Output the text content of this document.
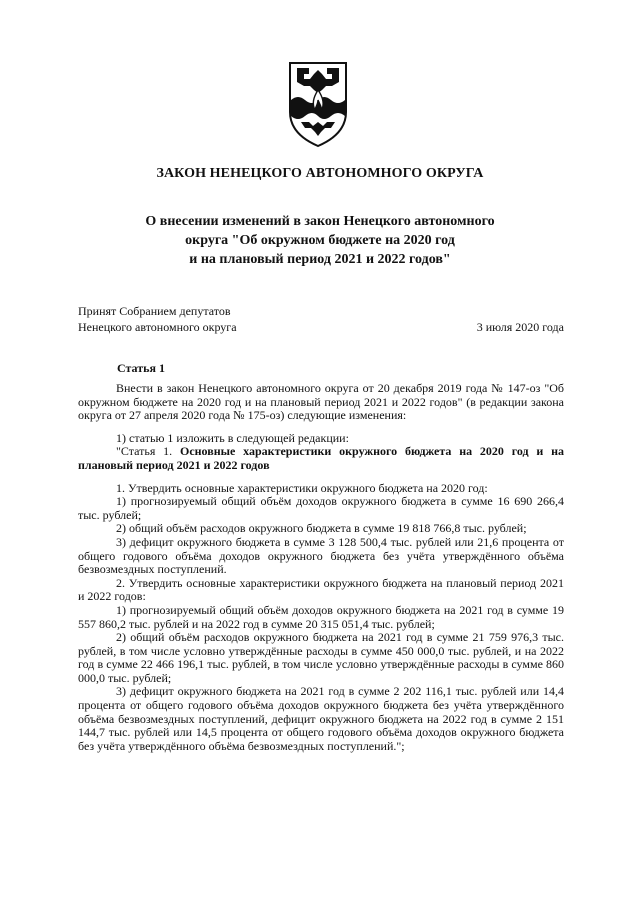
ЗАКОН НЕНЕЦКОГО АВТОНОМНОГО ОКРУГА
О внесении изменений в закон Ненецкого автономного
округа "Об окружном бюджете на 2020 год
и на плановый период 2021 и 2022 годов"
Принят Собранием депутатов
Ненецкого автономного округа	3 июля 2020 года
Статья 1

Внести в закон Ненецкого автономного округа от 20 декабря 2019 года № 147-оз "Об окружном бюджете на 2020 год и на плановый период 2021 и 2022 годов" (в редакции закона округа от 27 апреля 2020 года № 175-оз) следующие изменения:

1) статью 1 изложить в следующей редакции:

"Статья 1. Основные характеристики окружного бюджета на 2020 год и на плановый период 2021 и 2022 годов

1. Утвердить основные характеристики окружного бюджета на 2020 год:

1) прогнозируемый общий объём доходов окружного бюджета в сумме 16 690 266,4 тыс. рублей;

2) общий объём расходов окружного бюджета в сумме 19 818 766,8 тыс. рублей;

3) дефицит окружного бюджета в сумме 3 128 500,4 тыс. рублей или 21,6 процента от общего годового объёма доходов окружного бюджета без учёта утверждённого объёма безвозмездных поступлений.

2. Утвердить основные характеристики окружного бюджета на плановый период 2021 и 2022 годов:

1) прогнозируемый общий объём доходов окружного бюджета на 2021 год в сумме 19 557 860,2 тыс. рублей и на 2022 год в сумме 20 315 051,4 тыс. рублей;

2) общий объём расходов окружного бюджета на 2021 год в сумме 21 759 976,3 тыс. рублей, в том числе условно утверждённые расходы в сумме 450 000,0 тыс. рублей, и на 2022 год в сумме 22 466 196,1 тыс. рублей, в том числе условно утверждённые расходы в сумме 860 000,0 тыс. рублей;

3) дефицит окружного бюджета на 2021 год в сумме 2 202 116,1 тыс. рублей или 14,4 процента от общего годового объёма доходов окружного бюджета без учёта утверждённого объёма безвозмездных поступлений, дефицит окружного бюджета на 2022 год в сумме 2 151 144,7 тыс. рублей или 14,5 процента от общего годового объёма доходов окружного бюджета без учёта утверждённого объёма безвозмездных поступлений.";
